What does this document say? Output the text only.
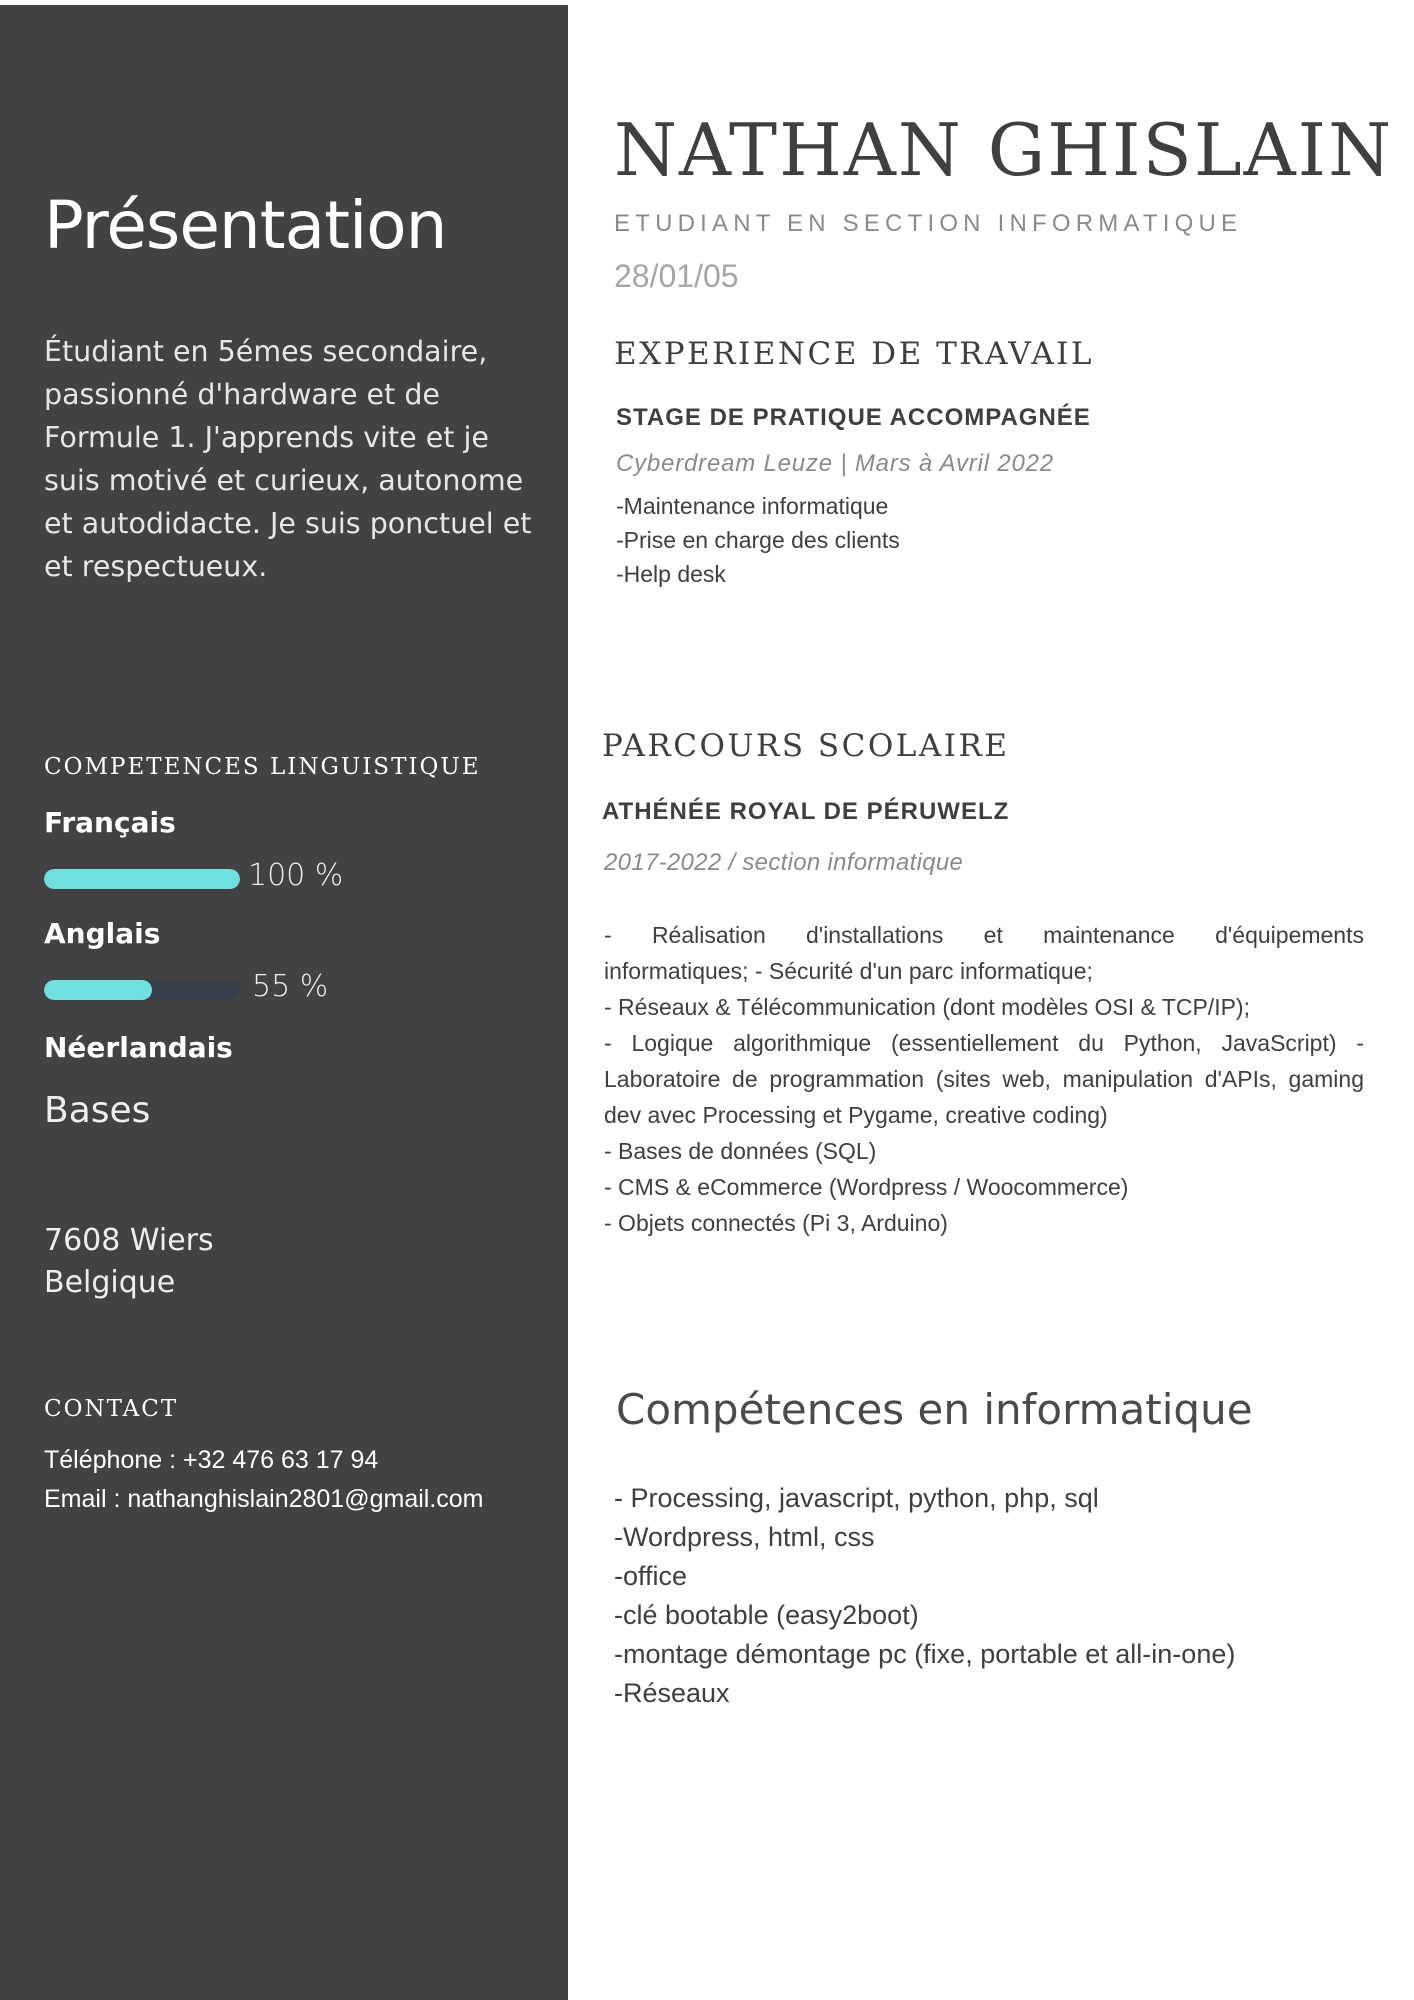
Présentation

Étudiant en 5émes secondaire, passionné d'hardware et de Formule 1. J'apprends vite et je suis motivé et curieux, autonome et autodidacte. Je suis ponctuel et et respectueux.

COMPETENCES LINGUISTIQUE
Français
100 %
Anglais
55 %
Néerlandais
Bases
7608 Wiers
Belgique
CONTACT
Téléphone : +32 476 63 17 94
Email : nathanghislain2801@gmail.com
NATHAN GHISLAIN
ETUDIANT EN SECTION INFORMATIQUE
28/01/05
EXPERIENCE DE TRAVAIL
STAGE DE PRATIQUE ACCOMPAGNÉE
Cyberdream Leuze | Mars à Avril 2022
-Maintenance informatique
-Prise en charge des clients
-Help desk
PARCOURS SCOLAIRE
ATHÉNÉE ROYAL DE PÉRUWELZ
2017-2022 / section informatique
- Réalisation d'installations et maintenance d'équipements
informatiques; - Sécurité d'un parc informatique;
- Réseaux & Télécommunication (dont modèles OSI & TCP/IP);
- Logique algorithmique (essentiellement du Python, JavaScript) - Laboratoire de programmation (sites web, manipulation d'APIs, gaming dev avec Processing et Pygame, creative coding)
- Bases de données (SQL)
- CMS & eCommerce (Wordpress / Woocommerce)
- Objets connectés (Pi 3, Arduino)
Compétences en informatique
- Processing, javascript, python, php, sql
-Wordpress, html, css
-office
-clé bootable (easy2boot)
-montage démontage pc (fixe, portable et all-in-one)
-Réseaux
